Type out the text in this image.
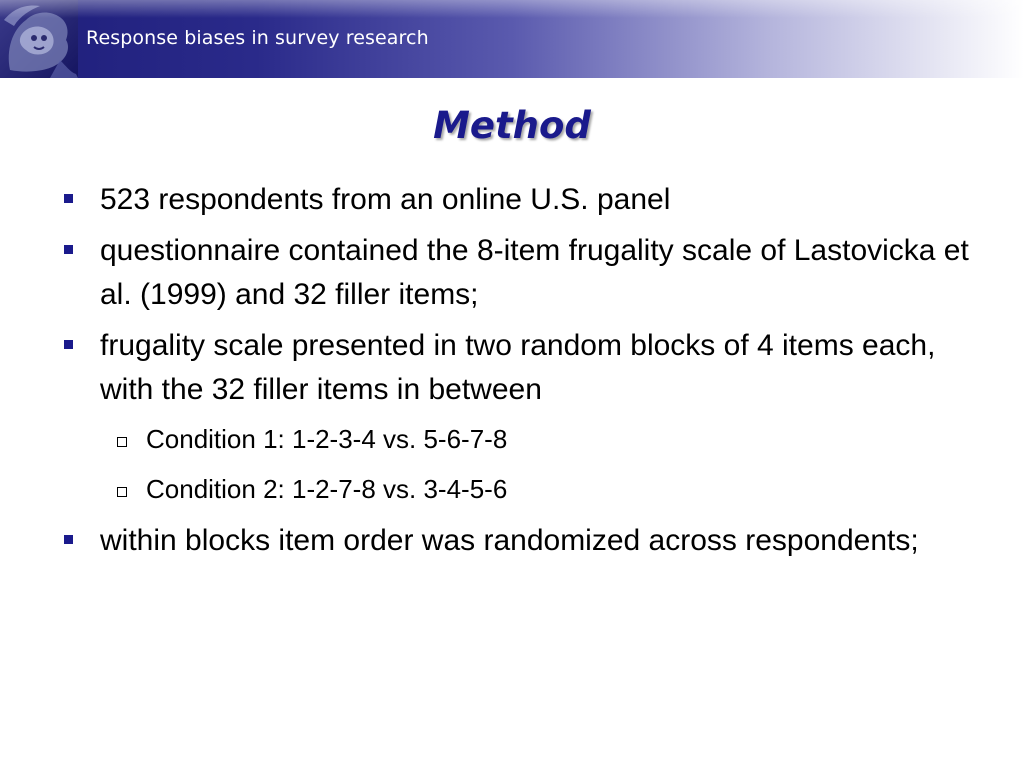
Response biases in survey research
Method
523 respondents from an online U.S. panel
questionnaire contained the 8-item frugality scale of Lastovicka et al. (1999) and 32 filler items;
frugality scale presented in two random blocks of 4 items each, with the 32 filler items in between
Condition 1: 1-2-3-4 vs. 5-6-7-8
Condition 2: 1-2-7-8 vs. 3-4-5-6
within blocks item order was randomized across respondents;
